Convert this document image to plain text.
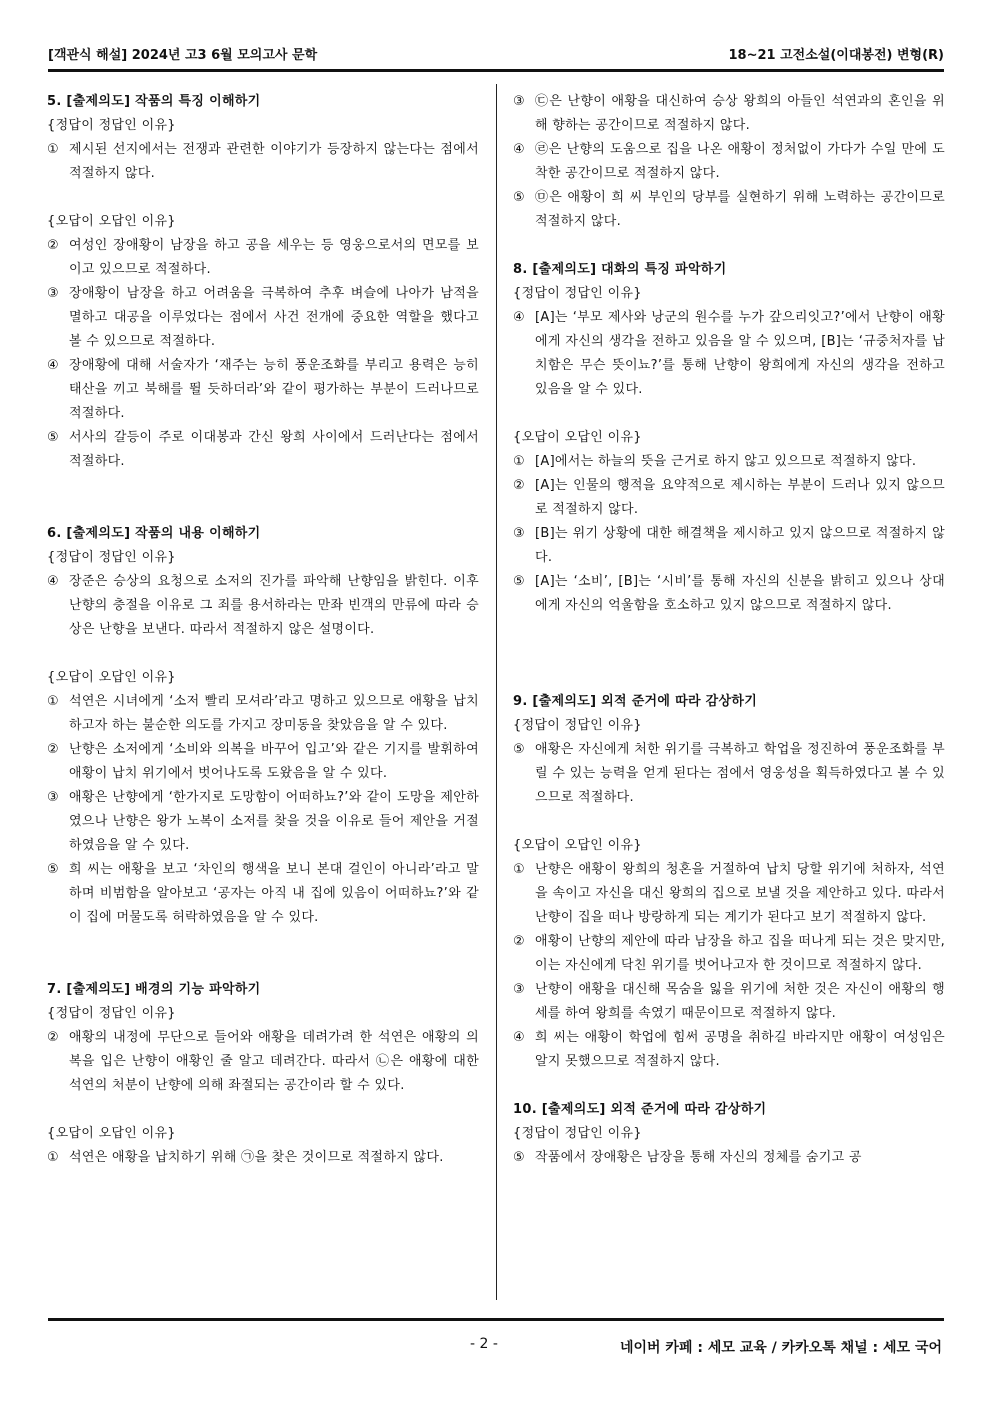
[객관식 해설] 2024년 고3 6월 모의고사 문학	18~21 고전소설(이대봉전) 변형(R)
5. [출제의도] 작품의 특징 이해하기
{정답이 정답인 이유}
① 제시된 선지에서는 전쟁과 관련한 이야기가 등장하지 않는다는 점에서 적절하지 않다.
{오답이 오답인 이유}
② 여성인 장애황이 남장을 하고 공을 세우는 등 영웅으로서의 면모를 보이고 있으므로 적절하다.
③ 장애황이 남장을 하고 어려움을 극복하여 추후 벼슬에 나아가 남적을 멸하고 대공을 이루었다는 점에서 사건 전개에 중요한 역할을 했다고 볼 수 있으므로 적절하다.
④ 장애황에 대해 서술자가 ‘재주는 능히 풍운조화를 부리고 용력은 능히 태산을 끼고 북해를 뛸 듯하더라’와 같이 평가하는 부분이 드러나므로 적절하다.
⑤ 서사의 갈등이 주로 이대봉과 간신 왕희 사이에서 드러난다는 점에서 적절하다.
6. [출제의도] 작품의 내용 이해하기
{정답이 정답인 이유}
④ 장준은 승상의 요청으로 소저의 진가를 파악해 난향임을 밝힌다. 이후 난향의 충절을 이유로 그 죄를 용서하라는 만좌 빈객의 만류에 따라 승상은 난향을 보낸다. 따라서 적절하지 않은 설명이다.
{오답이 오답인 이유}
① 석연은 시녀에게 ‘소저 빨리 모셔라’라고 명하고 있으므로 애황을 납치하고자 하는 불순한 의도를 가지고 장미동을 찾았음을 알 수 있다.
② 난향은 소저에게 ‘소비와 의복을 바꾸어 입고’와 같은 기지를 발휘하여 애황이 납치 위기에서 벗어나도록 도왔음을 알 수 있다.
③ 애황은 난향에게 ‘한가지로 도망함이 어떠하뇨?’와 같이 도망을 제안하였으나 난향은 왕가 노복이 소저를 찾을 것을 이유로 들어 제안을 거절하였음을 알 수 있다.
⑤ 희 씨는 애황을 보고 ‘차인의 행색을 보니 본대 걸인이 아니라’라고 말하며 비범함을 알아보고 ‘공자는 아직 내 집에 있음이 어떠하뇨?’와 같이 집에 머물도록 허락하였음을 알 수 있다.
7. [출제의도] 배경의 기능 파악하기
{정답이 정답인 이유}
② 애황의 내정에 무단으로 들어와 애황을 데려가려 한 석연은 애황의 의복을 입은 난향이 애황인 줄 알고 데려간다. 따라서 ㉡은 애황에 대한 석연의 처분이 난향에 의해 좌절되는 공간이라 할 수 있다.
{오답이 오답인 이유}
① 석연은 애황을 납치하기 위해 ㉠을 찾은 것이므로 적절하지 않다.
③ ㉢은 난향이 애황을 대신하여 승상 왕희의 아들인 석연과의 혼인을 위해 향하는 공간이므로 적절하지 않다.
④ ㉣은 난향의 도움으로 집을 나온 애황이 정처없이 가다가 수일 만에 도착한 공간이므로 적절하지 않다.
⑤ ㉤은 애황이 희 씨 부인의 당부를 실현하기 위해 노력하는 공간이므로 적절하지 않다.
8. [출제의도] 대화의 특징 파악하기
{정답이 정답인 이유}
④ [A]는 ‘부모 제사와 낭군의 원수를 누가 갚으리잇고?’에서 난향이 애황에게 자신의 생각을 전하고 있음을 알 수 있으며, [B]는 ‘규중처자를 납치함은 무슨 뜻이뇨?’를 통해 난향이 왕희에게 자신의 생각을 전하고 있음을 알 수 있다.
{오답이 오답인 이유}
① [A]에서는 하늘의 뜻을 근거로 하지 않고 있으므로 적절하지 않다.
② [A]는 인물의 행적을 요약적으로 제시하는 부분이 드러나 있지 않으므로 적절하지 않다.
③ [B]는 위기 상황에 대한 해결책을 제시하고 있지 않으므로 적절하지 않다.
⑤ [A]는 ‘소비’, [B]는 ‘시비’를 통해 자신의 신분을 밝히고 있으나 상대에게 자신의 억울함을 호소하고 있지 않으므로 적절하지 않다.
9. [출제의도] 외적 준거에 따라 감상하기
{정답이 정답인 이유}
⑤ 애황은 자신에게 처한 위기를 극복하고 학업을 정진하여 풍운조화를 부릴 수 있는 능력을 얻게 된다는 점에서 영웅성을 획득하였다고 볼 수 있으므로 적절하다.
{오답이 오답인 이유}
① 난향은 애황이 왕희의 청혼을 거절하여 납치 당할 위기에 처하자, 석연을 속이고 자신을 대신 왕희의 집으로 보낼 것을 제안하고 있다. 따라서 난향이 집을 떠나 방랑하게 되는 계기가 된다고 보기 적절하지 않다.
② 애황이 난향의 제안에 따라 남장을 하고 집을 떠나게 되는 것은 맞지만, 이는 자신에게 닥친 위기를 벗어나고자 한 것이므로 적절하지 않다.
③ 난향이 애황을 대신해 목숨을 잃을 위기에 처한 것은 자신이 애황의 행세를 하여 왕희를 속였기 때문이므로 적절하지 않다.
④ 희 씨는 애황이 학업에 힘써 공명을 취하길 바라지만 애황이 여성임은 알지 못했으므로 적절하지 않다.
10. [출제의도] 외적 준거에 따라 감상하기
{정답이 정답인 이유}
⑤ 작품에서 장애황은 남장을 통해 자신의 정체를 숨기고 공
- 2 -	네이버 카페 : 세모 교육 / 카카오톡 채널 : 세모 국어
